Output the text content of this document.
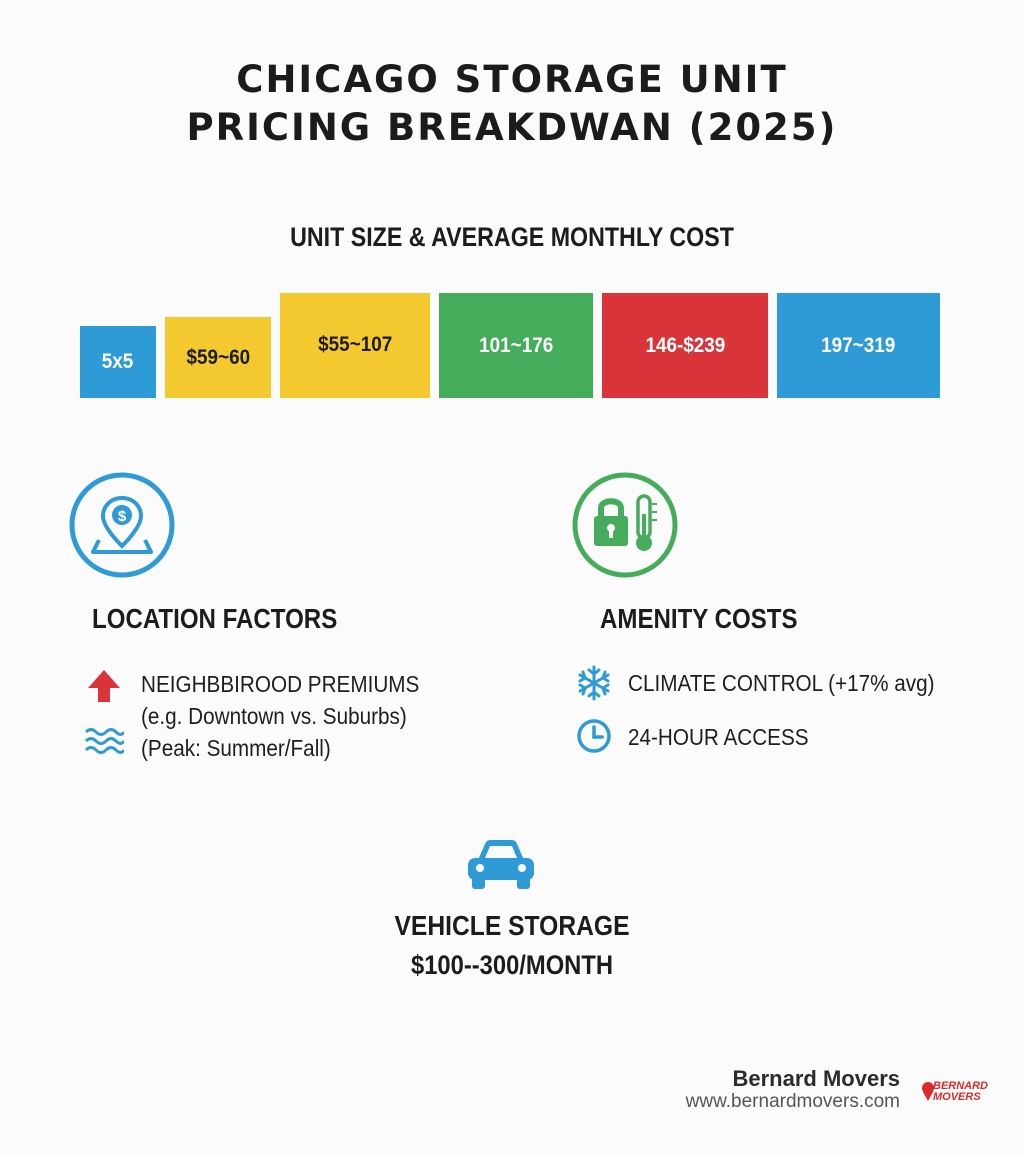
CHICAGO STORAGE UNIT
PRICING BREAKDWAN (2025)
UNIT SIZE & AVERAGE MONTHLY COST
5x5 $59~60
$55~107	101~176	146-$239	197~319
$
LOCATION FACTORS
NEIGHBBIROOD PREMIUMS
(e.g. Downtown vs. Suburbs)
(Peak: Summer/Fall)
AMENITY COSTS
CLIMATE CONTROL (+17% avg)
24-HOUR ACCESS
VEHICLE STORAGE
$100--300/MONTH
Bernard Movers
www.bernardmovers.com
BERNARD
MOVERS
